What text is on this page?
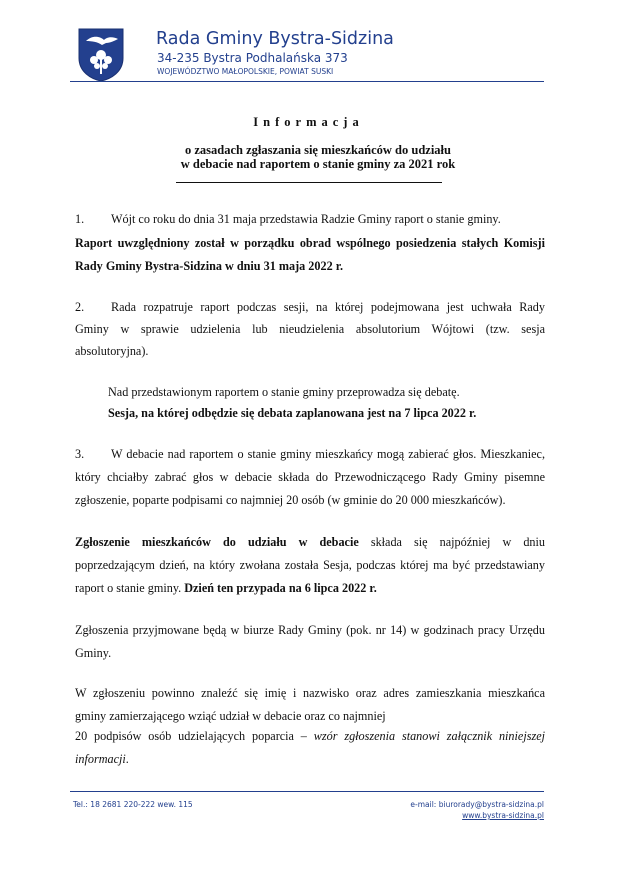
Rada Gminy Bystra-Sidzina
34-235 Bystra Podhalańska 373
WOJEWÓDZTWO MAŁOPOLSKIE, POWIAT SUSKI
Informacja
o zasadach zgłaszania się mieszkańców do udziału
w debacie nad raportem o stanie gminy za 2021 rok
1. Wójt co roku do dnia 31 maja przedstawia Radzie Gminy raport o stanie gminy.
Raport uwzględniony został w porządku obrad wspólnego posiedzenia stałych Komisji
Rady Gminy Bystra-Sidzina w dniu 31 maja 2022 r.
2. Rada rozpatruje raport podczas sesji, na której podejmowana jest uchwała Rady
Gminy w sprawie udzielenia lub nieudzielenia absolutorium Wójtowi (tzw. sesja
absolutoryjna).
Nad przedstawionym raportem o stanie gminy przeprowadza się debatę.
Sesja, na której odbędzie się debata zaplanowana jest na 7 lipca 2022 r.
3. W debacie nad raportem o stanie gminy mieszkańcy mogą zabierać głos. Mieszkaniec,
który chciałby zabrać głos w debacie składa do Przewodniczącego Rady Gminy pisemne
zgłoszenie, poparte podpisami co najmniej 20 osób (w gminie do 20 000 mieszkańców).
Zgłoszenie mieszkańców do udziału w debacie składa się najpóźniej w dniu
poprzedzającym dzień, na który zwołana została Sesja, podczas której ma być przedstawiany
raport o stanie gminy. Dzień ten przypada na 6 lipca 2022 r.
Zgłoszenia przyjmowane będą w biurze Rady Gminy (pok. nr 14) w godzinach pracy Urzędu
Gminy.
W zgłoszeniu powinno znaleźć się imię i nazwisko oraz adres zamieszkania mieszkańca
gminy zamierzającego wziąć udział w debacie oraz co najmniej
20 podpisów osób udzielających poparcia – wzór zgłoszenia stanowi załącznik niniejszej
informacji.
Tel.: 18 2681 220-222 wew. 115	e-mail: biurorady@bystra-sidzina.pl
www.bystra-sidzina.pl
